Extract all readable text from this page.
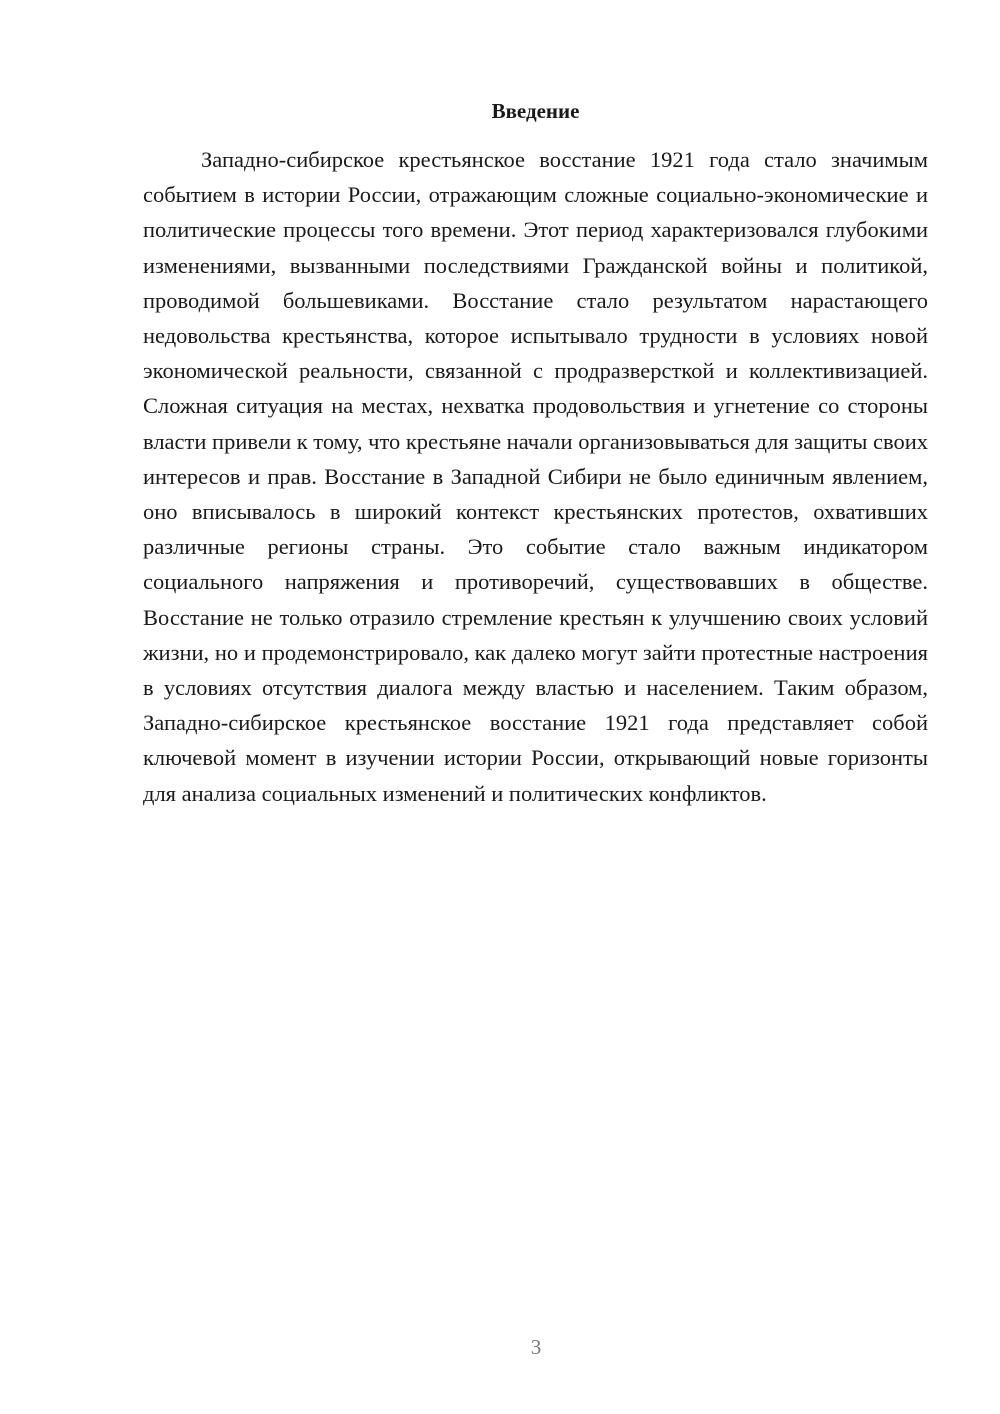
Введение

Западно-сибирское крестьянское восстание 1921 года стало значимым событием в истории России, отражающим сложные социально-экономические и политические процессы того времени. Этот период характеризовался глубокими изменениями, вызванными последствиями Гражданской войны и политикой, проводимой большевиками. Восстание стало результатом нарастающего недовольства крестьянства, которое испытывало трудности в условиях новой экономической реальности, связанной с продразверсткой и коллективизацией. Сложная ситуация на местах, нехватка продовольствия и угнетение со стороны власти привели к тому, что крестьяне начали организовываться для защиты своих интересов и прав. Восстание в Западной Сибири не было единичным явлением, оно вписывалось в широкий контекст крестьянских протестов, охвативших различные регионы страны. Это событие стало важным индикатором социального напряжения и противоречий, существовавших в обществе. Восстание не только отразило стремление крестьян к улучшению своих условий жизни, но и продемонстрировало, как далеко могут зайти протестные настроения в условиях отсутствия диалога между властью и населением. Таким образом, Западно-сибирское крестьянское восстание 1921 года представляет собой ключевой момент в изучении истории России, открывающий новые горизонты для анализа социальных изменений и политических конфликтов.

3
